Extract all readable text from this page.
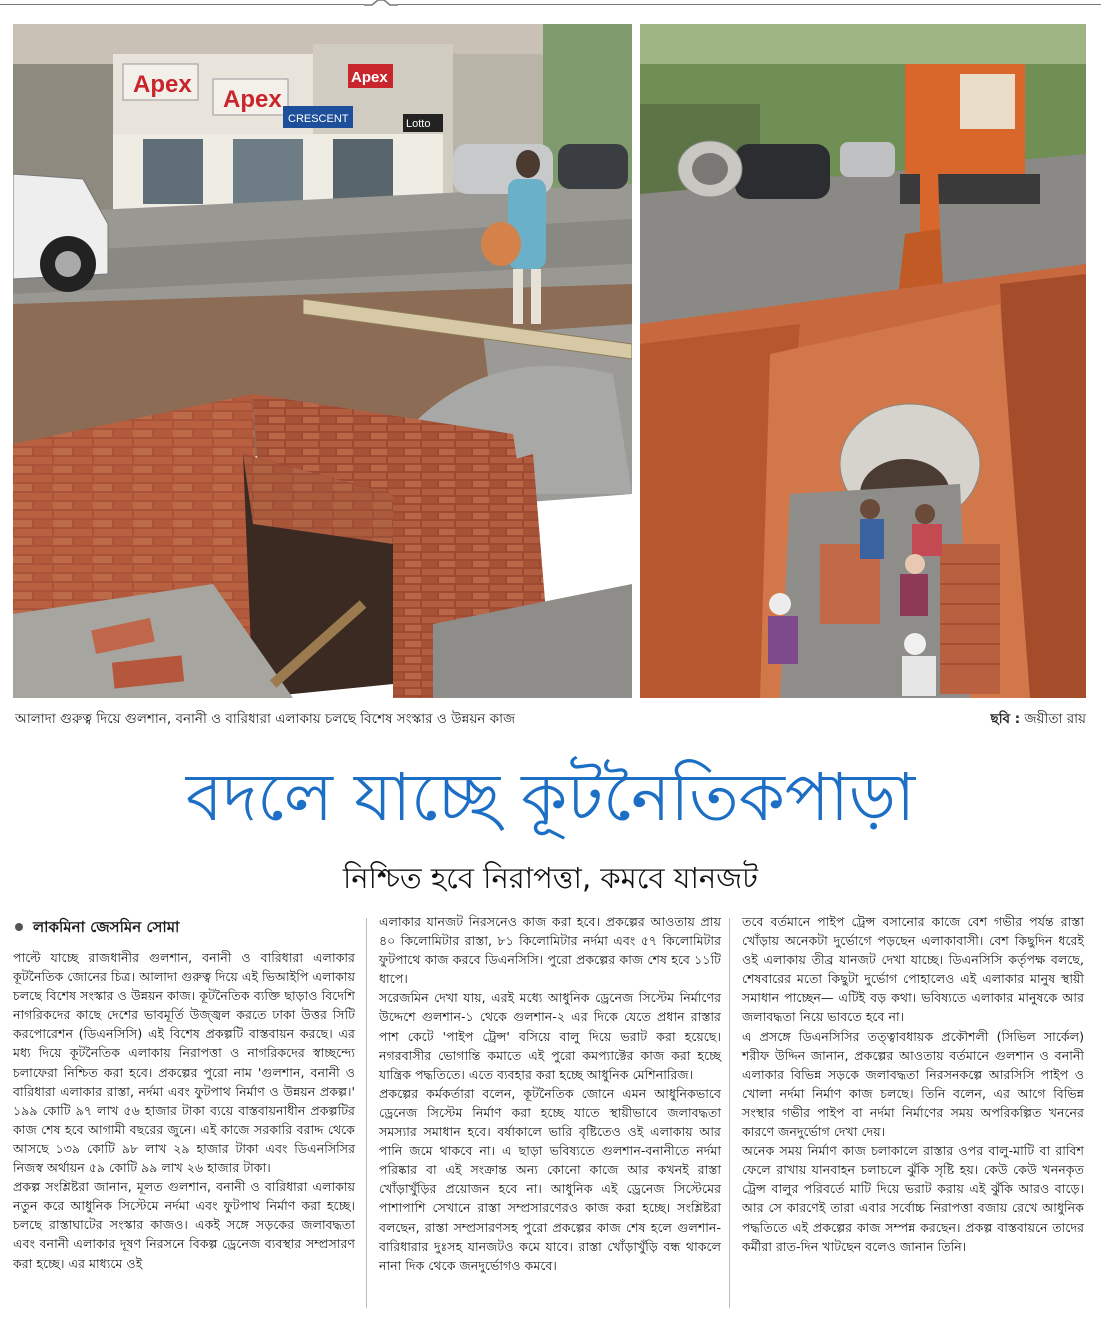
Apex
Apex
Apex
CRESCENT	Lotto
আলাদা গুরুত্ব দিয়ে গুলশান, বনানী ও বারিধারা এলাকায় চলছে বিশেষ সংস্কার ও উন্নয়ন কাজ	ছবি : জয়ীতা রায়
বদলে যাচ্ছে কূটনৈতিকপাড়া
নিশ্চিত হবে নিরাপত্তা, কমবে যানজট

লাকমিনা জেসমিন সোমা

পাল্টে যাচ্ছে রাজধানীর গুলশান, বনানী ও বারিধারা এলাকার কূটনৈতিক জোনের চিত্র। আলাদা গুরুত্ব দিয়ে এই ভিআইপি এলাকায় চলছে বিশেষ সংস্কার ও উন্নয়ন কাজ। কূটনৈতিক ব্যক্তি ছাড়াও বিদেশি নাগরিকদের কাছে দেশের ভাবমূর্তি উজ্জ্বল করতে ঢাকা উত্তর সিটি করপোরেশন (ডিএনসিসি) এই বিশেষ প্রকল্পটি বাস্তবায়ন করছে। এর মধ্য দিয়ে কূটনৈতিক এলাকায় নিরাপত্তা ও নাগরিকদের স্বাচ্ছন্দ্যে চলাফেরা নিশ্চিত করা হবে। প্রকল্পের পুরো নাম 'গুলশান, বনানী ও বারিধারা এলাকার রাস্তা, নর্দমা এবং ফুটপাথ নির্মাণ ও উন্নয়ন প্রকল্প।' ১৯৯ কোটি ৯৭ লাখ ৫৬ হাজার টাকা ব্যয়ে বাস্তবায়নাধীন প্রকল্পটির কাজ শেষ হবে আগামী বছরের জুনে। এই কাজে সরকারি বরাদ্দ থেকে আসছে ১৩৯ কোটি ৯৮ লাখ ২৯ হাজার টাকা এবং ডিএনসিসির নিজস্ব অর্থায়ন ৫৯ কোটি ৯৯ লাখ ২৬ হাজার টাকা।

প্রকল্প সংশ্লিষ্টরা জানান, মূলত গুলশান, বনানী ও বারিধারা এলাকায় নতুন করে আধুনিক সিস্টেমে নর্দমা এবং ফুটপাথ নির্মাণ করা হচ্ছে। চলছে রাস্তাঘাটের সংস্কার কাজও। একই সঙ্গে সড়কের জলাবদ্ধতা এবং বনানী এলাকার দূষণ নিরসনে বিকল্প ড্রেনেজ ব্যবস্থার সম্প্রসারণ করা হচ্ছে। এর মাধ্যমে ওই

এলাকার যানজট নিরসনেও কাজ করা হবে। প্রকল্পের আওতায় প্রায় ৪০ কিলোমিটার রাস্তা, ৮১ কিলোমিটার নর্দমা এবং ৫৭ কিলোমিটার ফুটপাথে কাজ করবে ডিএনসিসি। পুরো প্রকল্পের কাজ শেষ হবে ১১টি ধাপে।

সরেজমিন দেখা যায়, এরই মধ্যে আধুনিক ড্রেনেজ সিস্টেম নির্মাণের উদ্দেশে গুলশান-১ থেকে গুলশান-২ এর দিকে যেতে প্রধান রাস্তার পাশ কেটে 'পাইপ ট্রেন্স' বসিয়ে বালু দিয়ে ভরাট করা হয়েছে। নগরবাসীর ভোগান্তি কমাতে এই পুরো কমপ্যাক্টের কাজ করা হচ্ছে যান্ত্রিক পদ্ধতিতে। এতে ব্যবহার করা হচ্ছে আধুনিক মেশিনারিজ।

প্রকল্পের কর্মকর্তারা বলেন, কূটনৈতিক জোনে এমন আধুনিকভাবে ড্রেনেজ সিস্টেম নির্মাণ করা হচ্ছে যাতে স্থায়ীভাবে জলাবদ্ধতা সমস্যার সমাধান হবে। বর্ষাকালে ভারি বৃষ্টিতেও ওই এলাকায় আর পানি জমে থাকবে না। এ ছাড়া ভবিষ্যতে গুলশান-বনানীতে নর্দমা পরিষ্কার বা এই সংক্রান্ত অন্য কোনো কাজে আর কখনই রাস্তা খোঁড়াখুঁড়ির প্রয়োজন হবে না। আধুনিক এই ড্রেনেজ সিস্টেমের পাশাপাশি সেখানে রাস্তা সম্প্রসারণেরও কাজ করা হচ্ছে। সংশ্লিষ্টরা বলছেন, রাস্তা সম্প্রসারণসহ পুরো প্রকল্পের কাজ শেষ হলে গুলশান-বারিধারার দুঃসহ যানজটও কমে যাবে। রাস্তা খোঁড়াখুঁড়ি বন্ধ থাকলে নানা দিক থেকে জনদুর্ভোগও কমবে।

তবে বর্তমানে পাইপ ট্রেন্স বসানোর কাজে বেশ গভীর পর্যন্ত রাস্তা খোঁড়ায় অনেকটা দুর্ভোগে পড়ছেন এলাকাবাসী। বেশ কিছুদিন ধরেই ওই এলাকায় তীব্র যানজট দেখা যাচ্ছে। ডিএনসিসি কর্তৃপক্ষ বলছে, শেষবারের মতো কিছুটা দুর্ভোগ পোহালেও এই এলাকার মানুষ স্থায়ী সমাধান পাচ্ছেন— এটিই বড় কথা। ভবিষ্যতে এলাকার মানুষকে আর জলাবদ্ধতা নিয়ে ভাবতে হবে না।

এ প্রসঙ্গে ডিএনসিসির তত্ত্বাবধায়ক প্রকৌশলী (সিভিল সার্কেল) শরীফ উদ্দিন জানান, প্রকল্পের আওতায় বর্তমানে গুলশান ও বনানী এলাকার বিভিন্ন সড়কে জলাবদ্ধতা নিরসনকল্পে আরসিসি পাইপ ও খোলা নর্দমা নির্মাণ কাজ চলছে। তিনি বলেন, এর আগে বিভিন্ন সংস্থার গভীর পাইপ বা নর্দমা নির্মাণের সময় অপরিকল্পিত খননের কারণে জনদুর্ভোগ দেখা দেয়।

অনেক সময় নির্মাণ কাজ চলাকালে রাস্তার ওপর বালু-মাটি বা রাবিশ ফেলে রাখায় যানবাহন চলাচলে ঝুঁকি সৃষ্টি হয়। কেউ কেউ খননকৃত ট্রেন্স বালুর পরিবর্তে মাটি দিয়ে ভরাট করায় এই ঝুঁকি আরও বাড়ে। আর সে কারণেই তারা এবার সর্বোচ্চ নিরাপত্তা বজায় রেখে আধুনিক পদ্ধতিতে এই প্রকল্পের কাজ সম্পন্ন করছেন। প্রকল্প বাস্তবায়নে তাদের কর্মীরা রাত-দিন খাটছেন বলেও জানান তিনি।
